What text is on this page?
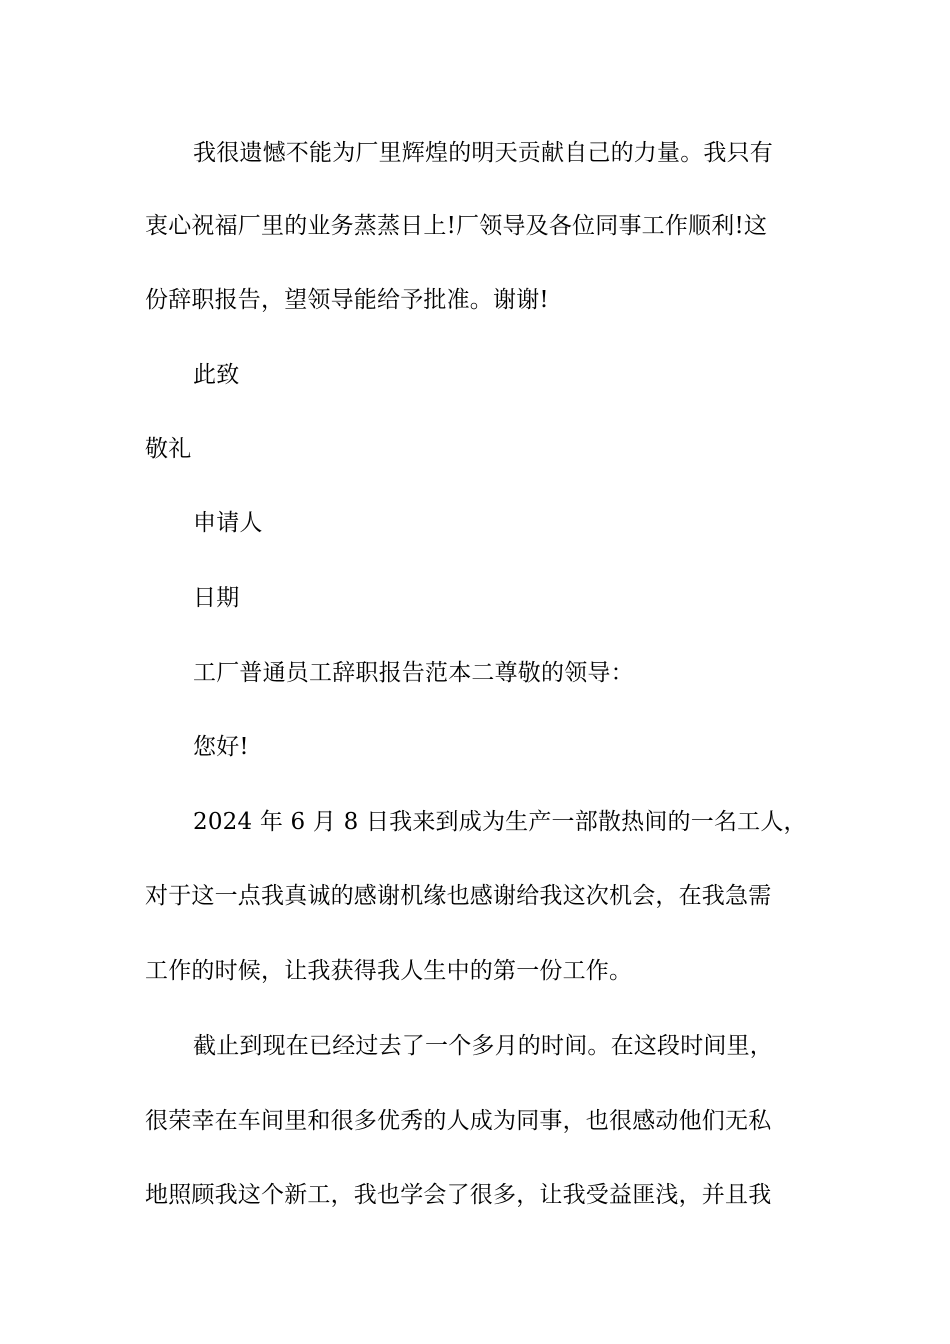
我很遗憾不能为厂里辉煌的明天贡献自己的力量。我只有
衷心祝福厂里的业务蒸蒸日上!厂领导及各位同事工作顺利!这
份辞职报告，望领导能给予批准。谢谢!
此致
敬礼
申请人
日期
工厂普通员工辞职报告范本二尊敬的领导：
您好!
2024 年 6 月 8 日我来到成为生产一部散热间的一名工人，
对于这一点我真诚的感谢机缘也感谢给我这次机会，在我急需
工作的时候，让我获得我人生中的第一份工作。
截止到现在已经过去了一个多月的时间。在这段时间里，
很荣幸在车间里和很多优秀的人成为同事，也很感动他们无私
地照顾我这个新工，我也学会了很多，让我受益匪浅，并且我
